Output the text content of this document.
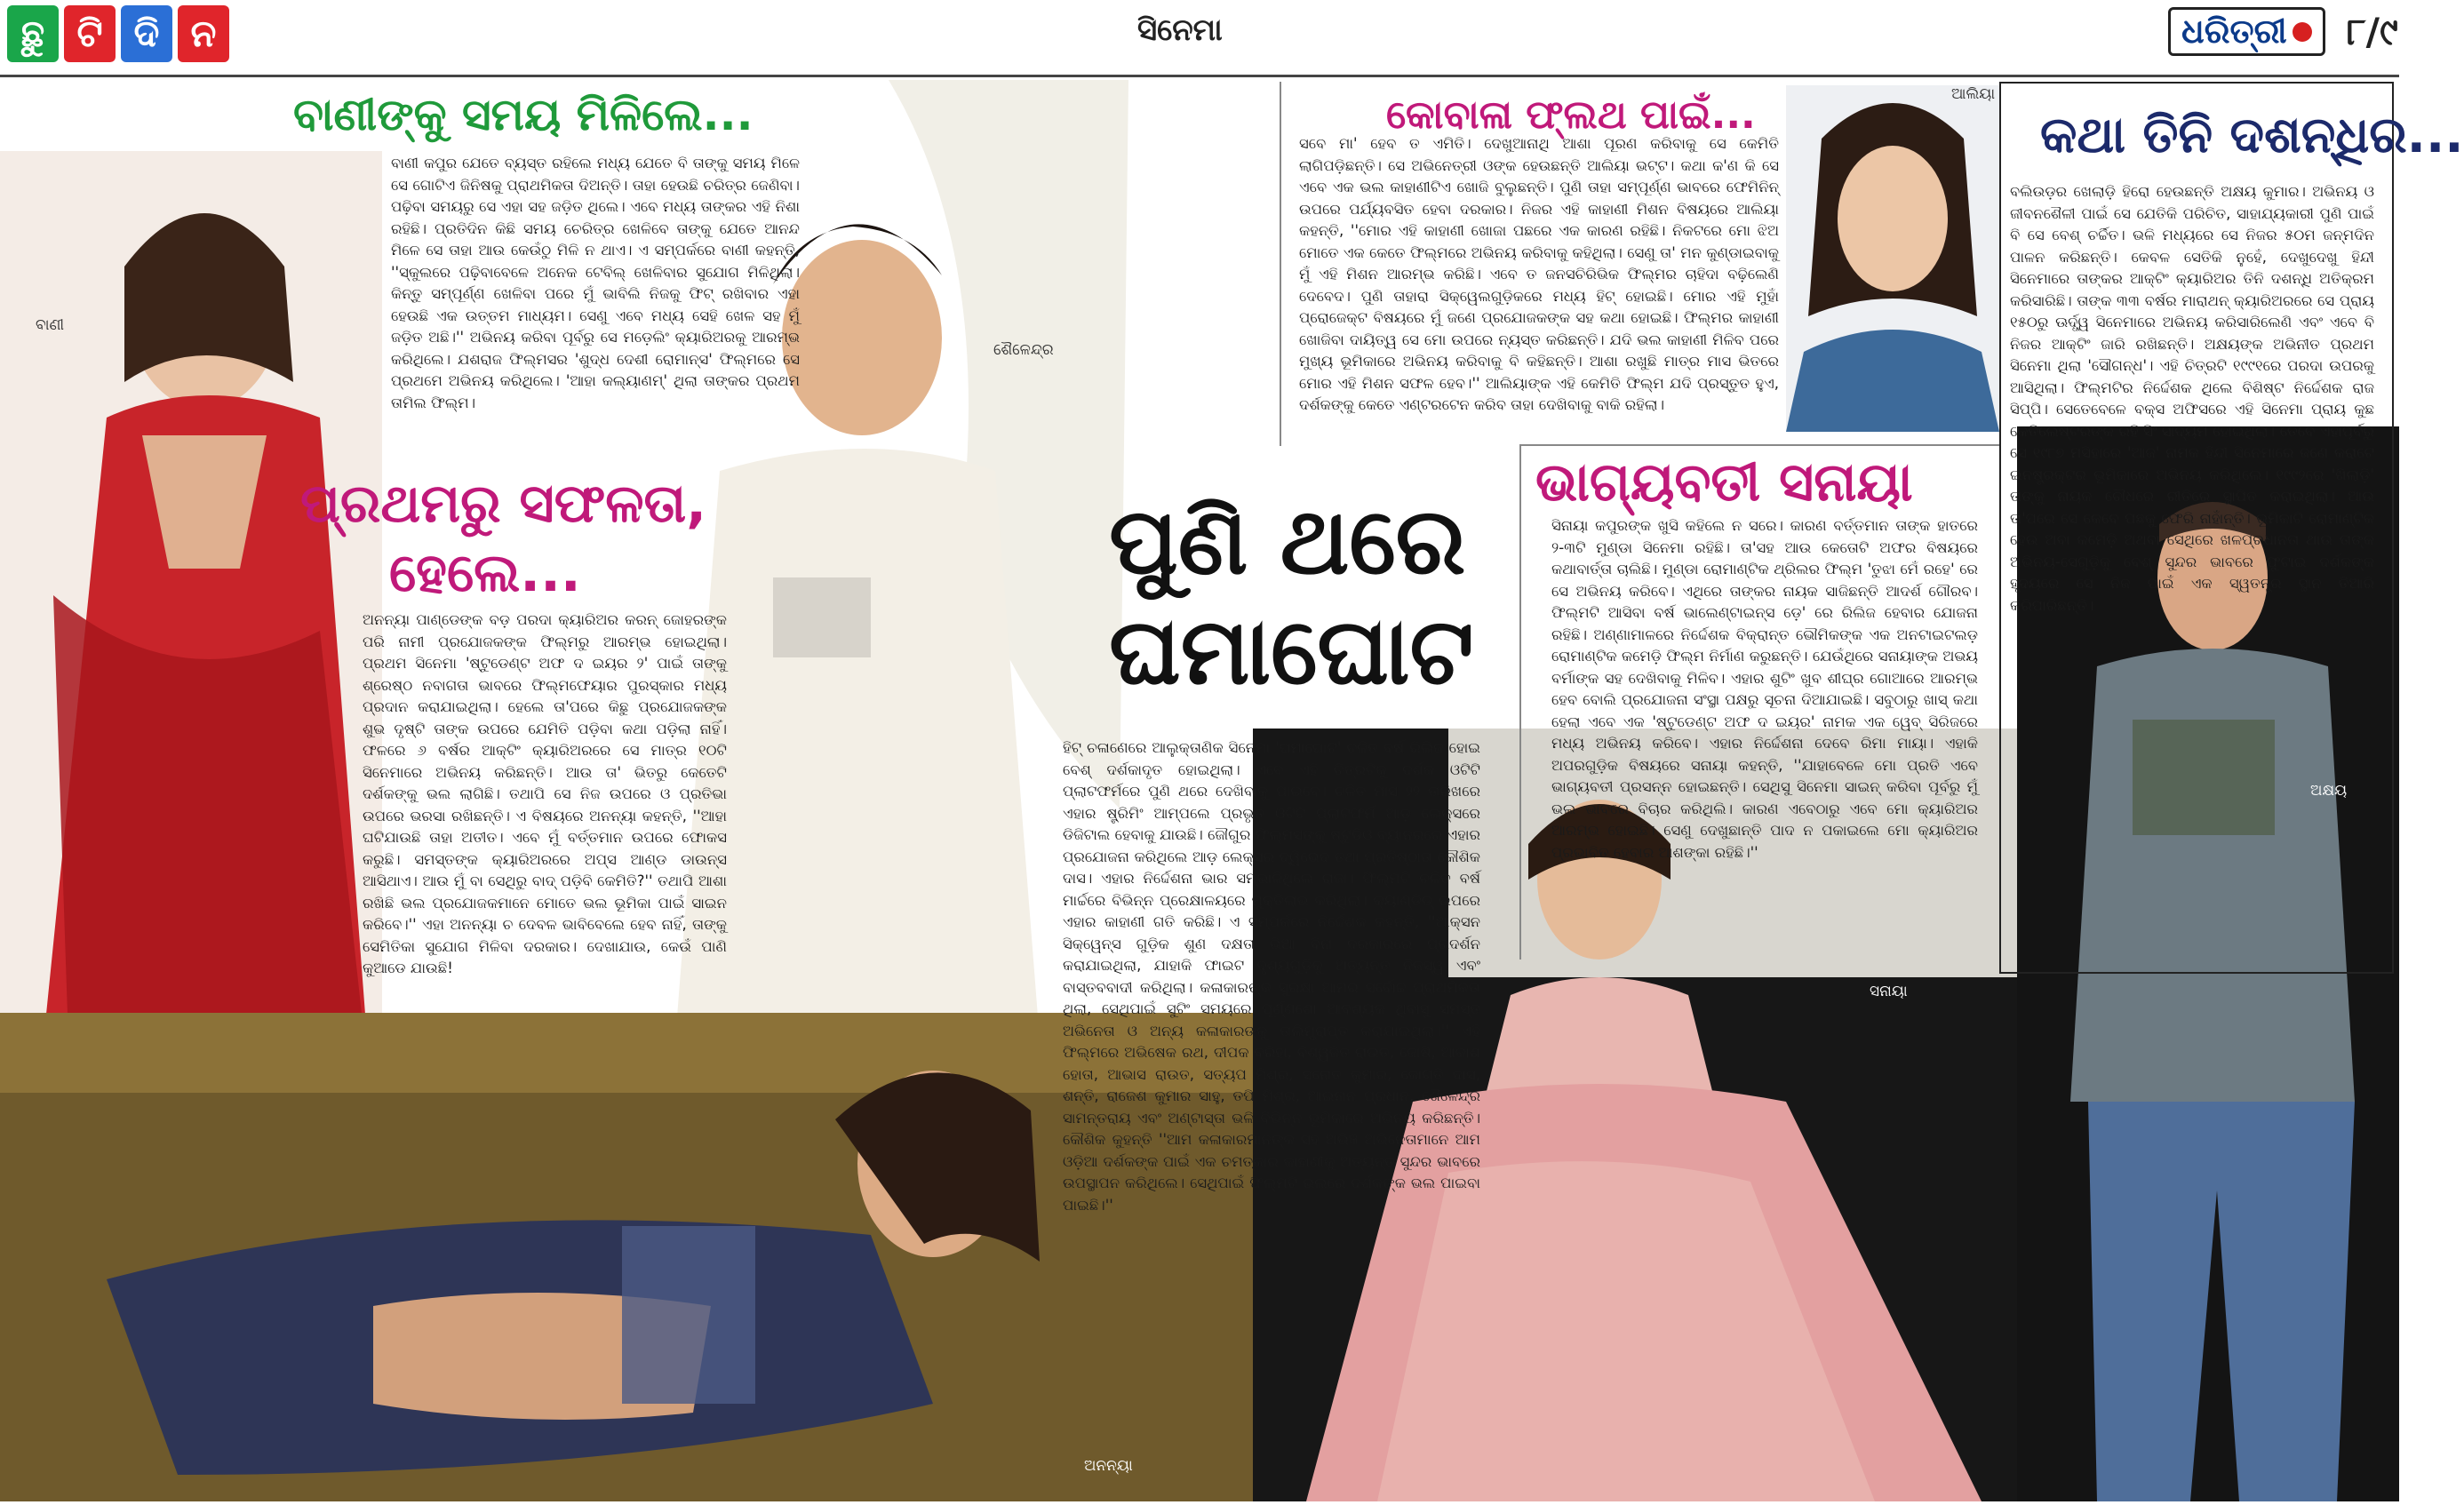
ଛୁ ଟି ଦି ନ	ସିନେମା	ଧରିତ୍ରୀ ୮/୯
ବାଣୀ
ଶୈଳେନ୍ଦ୍ର
ଆଲିୟା
ଅନନ୍ୟା
ସନାୟା
ଅକ୍ଷୟ
ବାଣୀଙ୍କୁ ସମୟ ମିଳିଲେ...
ବାଣୀ କପୁର ଯେତେ ବ୍ୟସ୍ତ ରହିଲେ ମଧ୍ୟ ଯେତେ ବି ତାଙ୍କୁ ସମୟ ମିଳେ ସେ ଗୋଟିଏ ଜିନିଷକୁ ପ୍ରାଥମିକତା ଦିଅନ୍ତି। ତାହା ହେଉଛି ଚରିତ୍ର ଜେଣିବା। ପଢ଼ିବା ସମୟରୁ ସେ ଏହା ସହ ଜଡ଼ିତ ଥିଲେ। ଏବେ ମଧ୍ୟ ତାଙ୍କର ଏହି ନିଶା ରହିଛି। ପ୍ରତିଦିନ କିଛି ସମୟ ଚେରିତ୍ର ଖେଳିବେ ତାଙ୍କୁ ଯେତେ ଆନନ୍ଦ ମିଳେ ସେ ତାହା ଆଉ କେଉଁଠୁ ମିଳି ନ ଥାଏ। ଏ ସମ୍ପର୍କରେ ବାଣୀ କହନ୍ତି, ''ସ୍କୁଲରେ ପଢ଼ିବାବେଳେ ଅନେକ ଟେବିଲ୍ ଖେଳିବାର ସୁଯୋଗ ମିଳିଥିଲା। କିନ୍ତୁ ସମ୍ପୂର୍ଣ୍ଣ ଖେଳିବା ପରେ ମୁଁ ଭାବିଲି ନିଜକୁ ଫିଟ୍ ରଖିବାର ଏହା ହେଉଛି ଏକ ଉତ୍ତମ ମାଧ୍ୟମ। ସେଣୁ ଏବେ ମଧ୍ୟ ସେହି ଖେଳ ସହ ମୁଁ ଜଡ଼ିତ ଅଛି।'' ଅଭିନୟ କରିବା ପୂର୍ବରୁ ସେ ମଡ଼େଲିଂ କ୍ୟାରିଅରକୁ ଆରମ୍ଭ କରିଥିଲେ। ଯଶରାଜ ଫିଲ୍ମସର 'ଶୁଦ୍ଧ ଦେଶୀ ରୋମାନ୍ସ' ଫିଲ୍ମରେ ସେ ପ୍ରଥମେ ଅଭିନୟ କରିଥିଲେ। 'ଆହା କଲ୍ୟାଣମ୍' ଥିଲା ତାଙ୍କର ପ୍ରଥମ ତାମିଲ ଫିଲ୍ମ।
ପ୍ରଥମରୁ ସଫଳତା,
ହେଲେ...
ଅନନ୍ୟା ପାଣ୍ଡେଙ୍କ ବଡ଼ ପରଦା କ୍ୟାରିଅର କରନ୍ ଜୋହରଙ୍କ ପରି ନାମୀ ପ୍ରଯୋଜକଙ୍କ ଫିଲ୍ମରୁ ଆରମ୍ଭ ହୋଇଥିଲା। ପ୍ରଥମ ସିନେମା 'ଷ୍ଟୁଡେଣ୍ଟ ଅଫ ଦ ଇୟର ୨' ପାଇଁ ତାଙ୍କୁ ଶ୍ରେଷ୍ଠ ନବାଗତା ଭାବରେ ଫିଲ୍ମଫେୟାର ପୁରସ୍କାର ମଧ୍ୟ ପ୍ରଦାନ କରାଯାଇଥିଲା। ହେଲେ ତା'ପରେ କିଛୁ ପ୍ରଯୋଜକଙ୍କ ଶୁଭ ଦୃଷ୍ଟି ତାଙ୍କ ଉପରେ ଯେମିତି ପଡ଼ିବା କଥା ପଡ଼ିଲା ନାହିଁ। ଫଳରେ ୬ ବର୍ଷର ଆକ୍ଟିଂ କ୍ୟାରିଅରରେ ସେ ମାତ୍ର ୧୦ଟି ସିନେମାରେ ଅଭିନୟ କରିଛନ୍ତି। ଆଉ ତା' ଭିତରୁ କେତେଟି ଦର୍ଶକଙ୍କୁ ଭଲ ଲାଗିଛି। ତଥାପି ସେ ନିଜ ଉପରେ ଓ ପ୍ରତିଭା ଉପରେ ଭରସା ରଖିଛନ୍ତି। ଏ ବିଷୟରେ ଅନନ୍ୟା କହନ୍ତି, ''ଆହା ଘଟିଯାଉଛି ତାହା ଅତୀତ। ଏବେ ମୁଁ ବର୍ତ୍ତମାନ ଉପରେ ଫୋକସ କରୁଛି। ସମସ୍ତଙ୍କ କ୍ୟାରିଅରରେ ଅପ୍ସ ଆଣ୍ଡ ଡାଉନ୍ସ ଆସିଥାଏ। ଆଉ ମୁଁ ବା ସେଥିରୁ ବାଦ୍ ପଡ଼ିବି କେମିତି?'' ତଥାପି ଆଶା ରଖିଛି ଭଲ ପ୍ରଯୋଜକମାନେ ମୋତେ ଭଲ ଭୂମିକା ପାଇଁ ସାଇନ କରିବେ।'' ଏହା ଅନନ୍ୟା ଚ ଦେବଳ ଭାବିବେଲେ ହେବ ନାହିଁ, ତାଙ୍କୁ ସେମିତିକା ସୁଯୋଗ ମିଳିବା ଦରକାର। ଦେଖାଯାଉ, କେଉଁ ପାଣି କୁଆଡେ ଯାଉଛି!
ପୁଣି ଥରେ
ଘମାଘୋଟ
ହିଟ୍ ଚଳାଣେରେ ଆଲୁକ୍ତାଣିକ ସିନେମା 'ଘମାଘୋଟ' ଚଳିତ ବର୍ଷ ରିଲିଜ ହୋଇ ବେଶ୍ ଦର୍ଶକାଦୃତ ହୋଇଥିଲା। ଏବେ ଏହି ଚିତ୍ରଟିକୁ ଦର୍ଶକ ଓଟିଟି ପ୍ଲାଟଫର୍ମରେ ପୁଣି ଥରେ ଦେଖିବାକୁ ପାଇବେ। ଚଳିତ ମାସ ୨୨ ତାରିଖରେ ଏହାର ଷ୍ଟ୍ରିମିଂ ଆମ୍ପଲେ ପ୍ରଭୃତ ଓଟିଟି ପ୍ଲାଟଫର୍ମ ଆଡ଼ ଲେକ୍ସରେ ଡିଜିଟାଲ ହେବାକୁ ଯାଉଛି। ଜୌଗୁର ଫିଲ୍ମସଙ୍କୁ ଷ୍ଟୁଡିଓ ବ୍ୟାନରରେ ଏହାର ପ୍ରଯୋଜନା କରିଥିଲେ ଆଡ଼ ଲେକ୍ସର ଦ୍ୱିଭେଦ ତଥା ପ୍ରତିଷ୍ଠାତା କୌଶିକ ଦାସ। ଏହାର ନିର୍ଦ୍ଦେଶନା ଭାର ସମ୍ଭାଳିଥିଲେ ରାଜା। ଫିଲ୍ମଟି ଚଳିତ ବର୍ଷ ମାର୍ଚ୍ଚରେ ବିଭିନ୍ନ ପ୍ରେକ୍ଷାଳୟରେ ମୁକ୍ତିଲାଭ କରିଥିଲା। କ୍ୟାଣ୍ଡିଡ୍ ଉପରେ ଏହାର କାହାଣୀ ଗତି କରିଛି। ଏ ସମ୍ପର୍କରେ ନିର୍ଦ୍ଦେଶକ କହନ୍ତି, ''ଆକ୍ସନ ସିକ୍ୱେନ୍ସ ଗୁଡ଼ିକ ଶୁଣ ଦକ୍ଷତା ଭିଆ ବିନା ଦରକାରରେ ପ୍ରଦର୍ଶନ କରାଯାଇଥିଲା, ଯାହାକି ଫାଇଟ ଦୃଶ୍ୟଗୁଡ଼ିକୁ ଅତ୍ୟନ୍ତ ନିଜସ୍ୱ ଏବଂ ବାସ୍ତବବାଦୀ କରିଥିଲା। କଳାକାରଙ୍କ ସୁରକ୍ଷା ଆମର ସର୍ବୋଚ୍ଚ ପ୍ରାଥମିକତା ଥିଲା, ସେଥିପାଇଁ ସୁଟିଂ ସମୟରେ ପୂର୍ଣ୍ଣଶୋ ଆବଶ୍ୟକ ଥିବାସୁ ସମସ୍ତ ଅଭିନେତା ଓ ଅନ୍ୟ କଳାକାରଙ୍କୁ ତାଲିମ୍ପ୍ରାପ୍ତ କରାଯାଇଥିଲା।'' ଏହି ଫିଲ୍ମରେ ଅଭିଷେକ ରଥ, ଦୀପକ ବରିହା, ବିଶ୍ୱଜିତ ରାଉତ, ଜୋଷି, ଆକାଶ ହୋତା, ଆଭାସ ରାଉତ, ସତ୍ୟପ ମିଶ୍ର, ସନୋତ କୁମାର, ଜୋଗ୍ତି ଦାସ, ଶନ୍ତି, ରାଜେଶ କୁମାର ସାହୁ, ତପି ମିଶ୍ର, ଆଇନାନ ପ୍ରଧାନ, ଶୈଳେନ୍ଦ୍ର ସାମନ୍ତରାୟ ଏବଂ ଅଣ୍ଟାସ୍ତା ଭଳି ବିଭିନ୍ନ ଭୂମିକାରେ ଅଭିନୟ କରିଛନ୍ତି। କୌଶିକ କୁହନ୍ତି ''ଆମ କଳାକାରମାନଙ୍କ ସହ ଅଭିଜ୍ଞ ଅଭିନେତାମାନେ ଆମ ଓଡ଼ିଆ ଦର୍ଶକଙ୍କ ପାଇଁ ଏକ ଚମତ୍କାର କାହାଣୀକୁ ଅତ୍ୟନ୍ତ ସୁନ୍ଦର ଭାବରେ ଉପସ୍ଥାପନ କରିଥିଲେ। ସେଥିପାଇଁ ଫିଲ୍ମଟି ଭଲରେ ଦର୍ଶକଙ୍କ ଭଲ ପାଇବା ପାଇଛି।''
କୋବାଳା ଫ୍ଲଥ ପାଇଁ...
ସବେ ମା' ହେବ ତ ଏମିତି। ଦେଖୁଆନାଥି ଆଶା ପୂରଣ କରିବାକୁ ସେ କେମିତି ଲାଗିପଡ଼ିଛନ୍ତି। ସେ ଅଭିନେତ୍ରୀ ଓଙ୍କ ହେଉଛନ୍ତି ଆଲିୟା ଭଟ୍ଟ। କଥା କ'ଣ କି ସେ ଏବେ ଏକ ଭଲ କାହାଣୀଟିଏ ଖୋଜି ବୁଲୁଛନ୍ତି। ପୁଣି ତାହା ସମ୍ପୂର୍ଣ୍ଣ ଭାବରେ ଫେମିନିନ୍ ଉପରେ ପର୍ଯ୍ୟବସିତ ହେବା ଦରକାର। ନିଜର ଏହି କାହାଣୀ ମିଶନ ବିଷୟରେ ଆଲିୟା କହନ୍ତି, ''ମୋର ଏହି କାହାଣୀ ଖୋଜା ପଛରେ ଏକ କାରଣ ରହିଛି। ନିକଟରେ ମୋ ଝିଅ ମୋତେ ଏକ କେତେ ଫିଲ୍ମରେ ଅଭିନୟ କରିବାକୁ କହିଥିଲା। ସେଣୁ ତା' ମନ କୁଣ୍ଡାଇବାକୁ ମୁଁ ଏହି ମିଶନ ଆରମ୍ଭ କରିଛି। ଏବେ ତ ଜନସଚିରିଭିକ ଫିଲ୍ମର ଚାହିଦା ବଢ଼ିଲେଣି ଦେବେଦ। ପୁଣି ତାହାରା ସିକ୍ୱେଲଗୁଡ଼ିକରେ ମଧ୍ୟ ହିଟ୍ ହୋଇଛି। ମୋର ଏହି ମୁହାଁ ପ୍ରୋଜେକ୍ଟ ବିଷୟରେ ମୁଁ ଜଣେ ପ୍ରଯୋଜକଙ୍କ ସହ କଥା ହୋଇଛି। ଫିଲ୍ମର କାହାଣୀ ଖୋଜିବା ଦାୟିତ୍ୱ ସେ ମୋ ଉପରେ ନ୍ୟସ୍ତ କରିଛନ୍ତି। ଯଦି ଭଲ କାହାଣୀ ମିଳିବ ପରେ ମୁଖ୍ୟ ଭୂମିକାରେ ଅଭିନୟ କରିବାକୁ ବି କହିଛନ୍ତି। ଆଶା ରଖୁଛି ମାତ୍ର ମାସ ଭିତରେ ମୋର ଏହି ମିଶନ ସଫଳ ହେବ।'' ଆଲିୟାଙ୍କ ଏହି କେମିତି ଫିଲ୍ମ ଯଦି ପ୍ରସ୍ତୁତ ହୁଏ, ଦର୍ଶକଙ୍କୁ କେତେ ଏଣ୍ଟରଟେନ କରିବ ତାହା ଦେଖିବାକୁ ବାକି ରହିଲା।
ଭାଗ୍ୟବତୀ ସନାୟା
ସିନାୟା କପୁରଙ୍କ ଖୁସି କହିଲେ ନ ସରେ। କାରଣ ବର୍ତ୍ତମାନ ତାଙ୍କ ହାତରେ ୨-୩ଟି ମୁଣ୍ଡା ସିନେମା ରହିଛି। ତା'ସହ ଆଉ କେତୋଟି ଅଫର ବିଷୟରେ କଥାବାର୍ତ୍ତା ଚାଲିଛି। ମୁଣ୍ଡା ରୋମାଣ୍ଟିକ ଥ୍ରିଲର ଫିଲ୍ମ 'ତୁଝା ମେଁ ରହେ' ରେ ସେ ଅଭିନୟ କରିବେ। ଏଥିରେ ତାଙ୍କର ନାୟକ ସାଜିଛନ୍ତି ଆଦର୍ଶ ଗୌରବ। ଫିଲ୍ମଟି ଆସିବା ବର୍ଷ ଭାଲେଣ୍ଟାଇନ୍ସ ଡ଼େ' ରେ ରିଲିଜ ହେବାର ଯୋଜନା ରହିଛି। ଅଣ୍ଣାମାଳରେ ନିର୍ଦ୍ଦେଶକ ବିକ୍ରାନ୍ତ ଭୌମିକଙ୍କ ଏକ ଅନଟାଇଟଲଡ଼ ରୋମାଣ୍ଟିକ କମେଡ଼ି ଫିଲ୍ମ ନିର୍ମାଣ କରୁଛନ୍ତି। ଯେଉଁଥିରେ ସନାୟାଙ୍କ ଅଭୟ ବର୍ମାଙ୍କ ସହ ଦେଖିବାକୁ ମିଳିବ। ଏହାର ଶୁଟିଂ ଖୁବ ଶୀଘ୍ର ଗୋଆରେ ଆରମ୍ଭ ହେବ ବୋଲି ପ୍ରଯୋଜନା ସଂସ୍ଥା ପକ୍ଷରୁ ସୂଚନା ଦିଆଯାଇଛି। ସବୁଠାରୁ ଖାସ୍ କଥା ହେଲା ଏବେ ଏକ 'ଷ୍ଟୁଡେଣ୍ଟ ଅଫ ଦ ଇୟର' ନାମକ ଏକ ୱେବ୍ ସିରିଜରେ ମଧ୍ୟ ଅଭିନୟ କରିବେ। ଏହାର ନିର୍ଦ୍ଦେଶନା ଦେବେ ରିମା ମାୟା। ଏହାକି ଅପରଗୁଡ଼ିକ ବିଷୟରେ ସନାୟା କହନ୍ତି, ''ଯାହାବେଳେ ମୋ ପ୍ରତି ଏବେ ଭାଗ୍ୟବତୀ ପ୍ରସନ୍ନ ହୋଇଛନ୍ତି। ସେଥିସୁ ସିନେମା ସାଇନ୍ କରିବା ପୂର୍ବରୁ ମୁଁ ଭଲ ଭାବରେ ବିଚାର କରିଥିଲି। କାରଣ ଏବେଠାରୁ ଏବେ ମୋ କ୍ୟାରିଅର ଆରମ୍ଭ ହୋଇଛି। ସେଣୁ ଦେଖୁଛାନ୍ତି ପାଦ ନ ପକାଇଲେ ମୋ କ୍ୟାରିଅର ପ୍ରଭାବିତ ହେବାର ଆଶଙ୍କା ରହିଛି।''
କଥା ତିନି ଦଶନ୍ଧିର...
ବଲିଉଡ଼ର ଖେଲାଡ଼ି ହିରୋ ହେଉଛନ୍ତି ଅକ୍ଷୟ କୁମାର। ଅଭିନୟ ଓ ଜୀବନଶୈଳୀ ପାଇଁ ସେ ଯେତିକି ପରିଚିତ, ସାହାଯ୍ୟକାରୀ ପୁଣି ପାଇଁ ବି ସେ ବେଶ୍ ଚର୍ଚ୍ଚିତ। ଭଳି ମଧ୍ୟରେ ସେ ନିଜର ୫୦ମ ଜନ୍ମଦିନ ପାଳନ କରିଛନ୍ତି। କେବଳ ସେତିକି ନୁହେଁ, ଦେଖୁଦେଖୁ ହିନ୍ଦୀ ସିନେମାରେ ତାଙ୍କର ଆକ୍ଟିଂ କ୍ୟାରିଅର ତିନି ଦଶନ୍ଧି ଅତିକ୍ରମ କରିସାରିଛି। ତାଙ୍କ ୩୩ ବର୍ଷର ମାରାଥନ୍ କ୍ୟାରିଅରରେ ସେ ପ୍ରାୟ ୧୫୦ରୁ ଊର୍ଦ୍ଧ୍ୱ ସିନେମାରେ ଅଭିନୟ କରିସାରିଲେଣି ଏବଂ ଏବେ ବି ନିଜର ଆକ୍ଟିଂ ଜାରି ରଖିଛନ୍ତି। ଅକ୍ଷୟଙ୍କ ଅଭିନୀତ ପ୍ରଥମ ସିନେମା ଥିଲା 'ସୌଗନ୍ଧ'। ଏହି ଚିତ୍ରଟି ୧୯୯୧ରେ ପରଦା ଉପରକୁ ଆସିଥିଲା। ଫିଲ୍ମଟିର ନିର୍ଦ୍ଦେଶକ ଥିଲେ ବିଶିଷ୍ଟ ନିର୍ଦ୍ଦେଶକ ରାଜ ସିପ୍ପି। ସେତେବେଳେ ବକ୍ସ ଅଫିସରେ ଏହି ସିନେମା ପ୍ରାୟ କୁଛ କେତିଲେଷ୍ଟରଙ୍କ ରହି ସିଂ ସାଦ୍ୟମ ହୋଇଥିଲା। ତେବେ ଏହାପୂର୍ବରୁ ସେ ୧୯୮୭ ମସିହାରେ 'ଆଜ' ନାମକ ହିନ୍ଦୀ ସିନେମାରେ ଜଣେ କରାଟେ ଇନଷ୍ଟ୍ରକ୍ଟର ଭୂମିକାରେ ଅଭିନୟ କରିଥିଲେ। ୧୯୯୨ରେ 'ଖିଲାଡ଼ି' ତାଙ୍କୁ ନାୟକ ଚୌଧରେ ରୀତିରେ ସ୍ଥାପିତ କରାଇଥିଲା। ଆଉ ତା'ପରେ ସେ କେବେ ପଛକୁ ଫେରି ନାହାଁନ୍ତି। ଭୂମିକାଟି ରୋମାଣ୍ଟିକ ହେଉ ଅବା କମେଡ଼ି ଅଥବା ସେଥିରେ ଖଳପ୍ରଧାନତା ଥାଉ ତାଙ୍କ ଅଭିନୟ-ସେଗୁଡ଼ିକୁ ବେଶ୍ ସୁନ୍ଦର ଭାବରେ ଫୁଟାଇ ଦର୍ଶକଙ୍କ ହୃଦୟରେ ସେ ନିଜ ପାଇଁ ଏକ ସ୍ୱତନ୍ତ୍ର ସ୍ଥାନ ତିଆରି କରିପାରିଛନ୍ତି।
